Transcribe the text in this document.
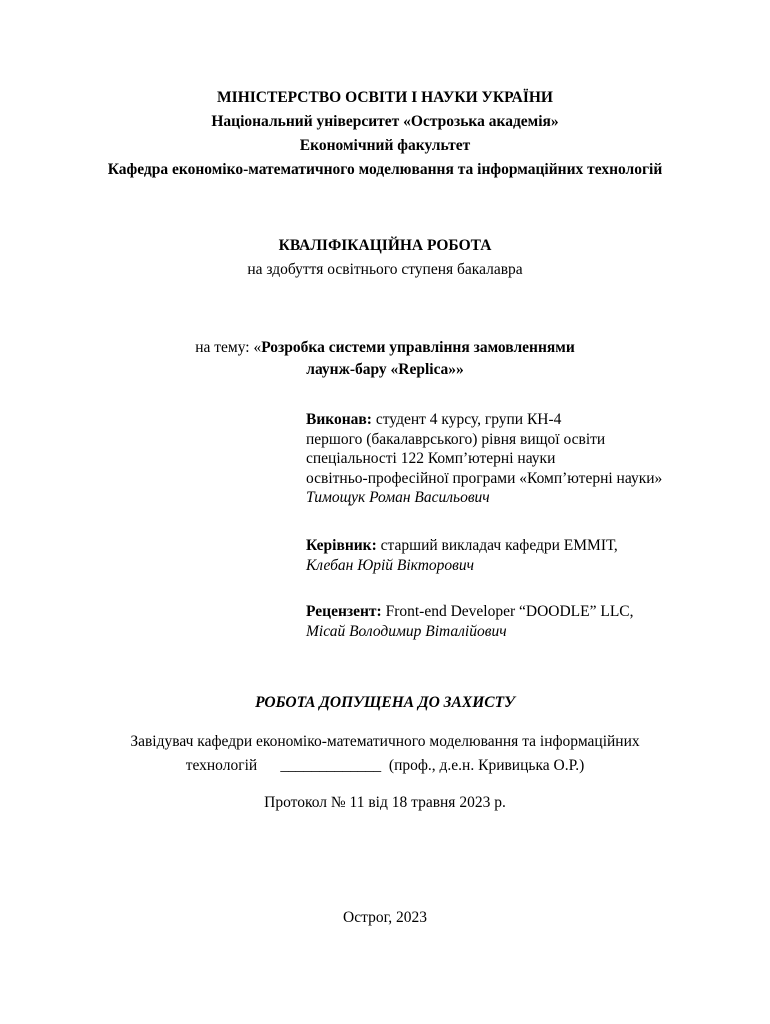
МІНІСТЕРСТВО ОСВІТИ І НАУКИ УКРАЇНИ
Національний університет «Острозька академія»
Економічний факультет
Кафедра економіко-математичного моделювання та інформаційних технологій
КВАЛІФІКАЦІЙНА РОБОТА
на здобуття освітнього ступеня бакалавра
на тему: «Розробка системи управління замовленнями
лаунж-бару «Replica»»
Виконав: студент 4 курсу, групи КН-4
першого (бакалаврського) рівня вищої освіти
спеціальності 122 Комп’ютерні науки
освітньо-професійної програми «Комп’ютерні науки»
Тимощук Роман Васильович
Керівник: старший викладач кафедри ЕММІТ,
Клебан Юрій Вікторович
Рецензент: Front-end Developer “DOODLE” LLC,
Місай Володимир Віталійович
РОБОТА ДОПУЩЕНА ДО ЗАХИСТУ
Завідувач кафедри економіко-математичного моделювання та інформаційних
технологій      _____________  (проф., д.е.н. Кривицька О.Р.)
Протокол № 11 від 18 травня 2023 р.
Острог, 2023
